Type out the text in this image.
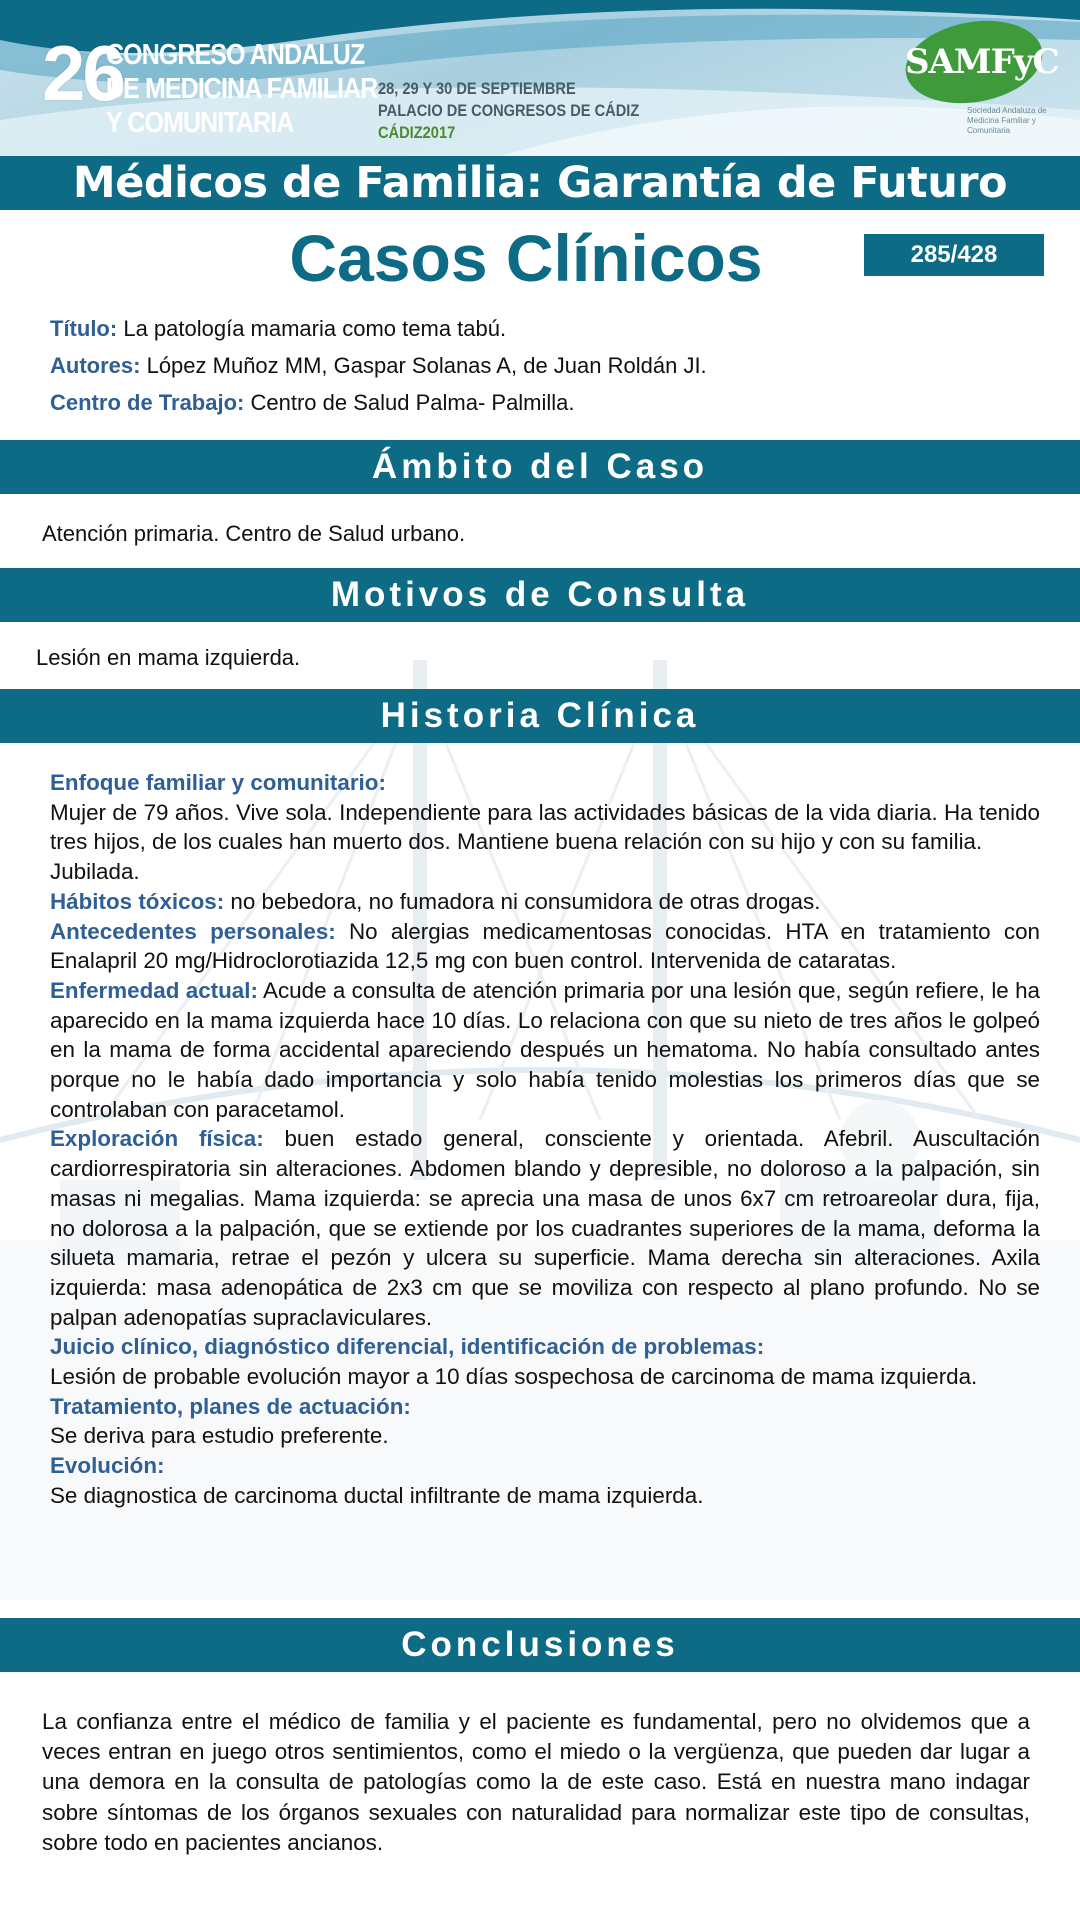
26
CONGRESO ANDALUZ
DE MEDICINA FAMILIAR
Y COMUNITARIA
28, 29 Y 30 DE SEPTIEMBRE
PALACIO DE CONGRESOS DE CÁDIZ
CÁDIZ2017
SAMFyC
Sociedad Andaluza de Medicina Familiar y Comunitaria
Médicos de Familia: Garantía de Futuro
Casos Clínicos	285/428
Título: La patología mamaria como tema tabú.
Autores: López Muñoz MM, Gaspar Solanas A, de Juan Roldán JI.
Centro de Trabajo: Centro de Salud Palma- Palmilla.
Ámbito del Caso
Atención primaria. Centro de Salud urbano.
Motivos de Consulta
Lesión en mama izquierda.
Historia Clínica

Enfoque familiar y comunitario:

Mujer de 79 años. Vive sola. Independiente para las actividades básicas de la vida diaria. Ha tenido tres hijos, de los cuales han muerto dos. Mantiene buena relación con su hijo y con su familia.

Jubilada.

Hábitos tóxicos: no bebedora, no fumadora ni consumidora de otras drogas.

Antecedentes personales: No alergias medicamentosas conocidas. HTA en tratamiento con Enalapril 20 mg/Hidroclorotiazida 12,5 mg con buen control. Intervenida de cataratas.

Enfermedad actual: Acude a consulta de atención primaria por una lesión que, según refiere, le ha aparecido en la mama izquierda hace 10 días. Lo relaciona con que su nieto de tres años le golpeó en la mama de forma accidental apareciendo después un hematoma. No había consultado antes porque no le había dado importancia y solo había tenido molestias los primeros días que se controlaban con paracetamol.

Exploración física: buen estado general, consciente y orientada. Afebril. Auscultación cardiorrespiratoria sin alteraciones. Abdomen blando y depresible, no doloroso a la palpación, sin masas ni megalias. Mama izquierda: se aprecia una masa de unos 6x7 cm retroareolar dura, fija, no dolorosa a la palpación, que se extiende por los cuadrantes superiores de la mama, deforma la silueta mamaria, retrae el pezón y ulcera su superficie. Mama derecha sin alteraciones. Axila izquierda: masa adenopática de 2x3 cm que se moviliza con respecto al plano profundo. No se palpan adenopatías supraclaviculares.

Juicio clínico, diagnóstico diferencial, identificación de problemas:

Lesión de probable evolución mayor a 10 días sospechosa de carcinoma de mama izquierda.

Tratamiento, planes de actuación:

Se deriva para estudio preferente.

Evolución:

Se diagnostica de carcinoma ductal infiltrante de mama izquierda.

Conclusiones

La confianza entre el médico de familia y el paciente es fundamental, pero no olvidemos que a veces entran en juego otros sentimientos, como el miedo o la vergüenza, que pueden dar lugar a una demora en la consulta de patologías como la de este caso. Está en nuestra mano indagar sobre síntomas de los órganos sexuales con naturalidad para normalizar este tipo de consultas, sobre todo en pacientes ancianos.
